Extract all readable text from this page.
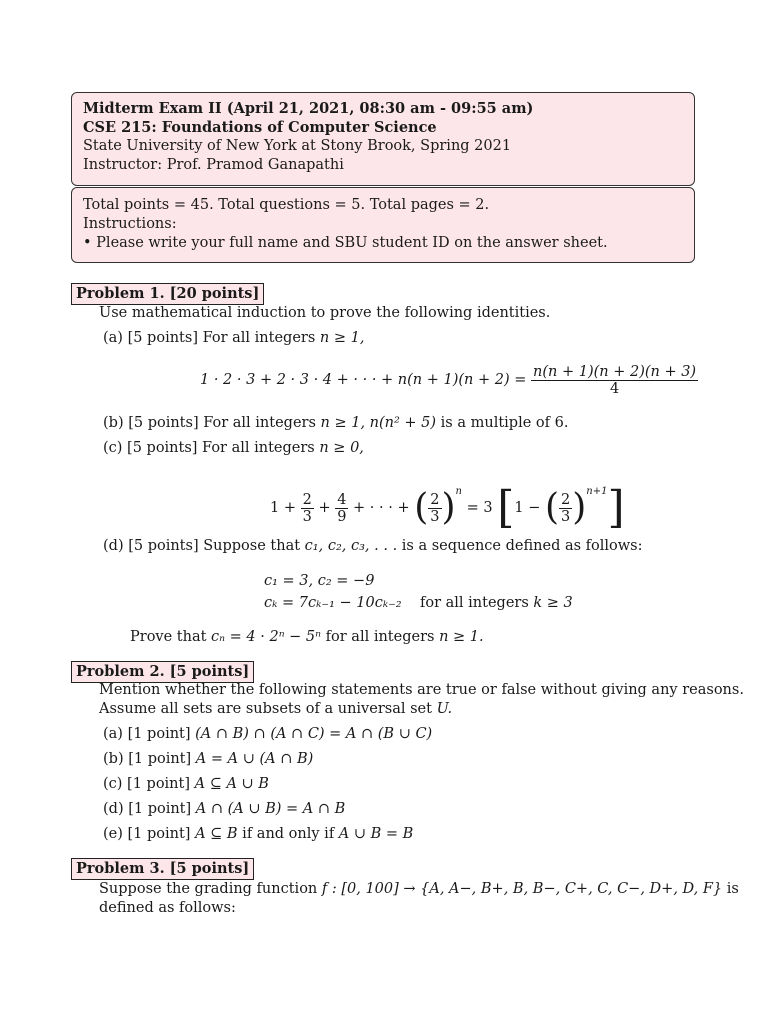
Midterm Exam II (April 21, 2021, 08:30 am - 09:55 am)
CSE 215: Foundations of Computer Science
State University of New York at Stony Brook, Spring 2021
Instructor: Prof. Pramod Ganapathi
Total points = 45. Total questions = 5. Total pages = 2.
Instructions:
• Please write your full name and SBU student ID on the answer sheet.
Problem 1. [20 points]
Use mathematical induction to prove the following identities.
(a) [5 points] For all integers n ≥ 1,
1 · 2 · 3 + 2 · 3 · 4 + · · · + $n(n + 1)(n + 2) = \frac{n(n + 1)(n + 2)(n + 3)}{4}$
(b) [5 points] For all integers n ≥ 1, n(n² + 5) is a multiple of 6.
(c) [5 points] For all integers n ≥ 0,
$1 + \frac{2}{3} + \frac{4}{9}$ + · · · + ( $\frac{2}{3} )^n = 3$ [1 − ( $\frac{2}{3} )^{n+1}$]
(d) [5 points] Suppose that c₁, c₂, c₃, . . . is a sequence defined as follows:
c₁ = 3, c₂ = −9
cₖ = 7cₖ₋₁ − 10cₖ₋₂ for all integers k ≥ 3
Prove that cₙ = 4 · 2ⁿ − 5ⁿ for all integers n ≥ 1.
Problem 2. [5 points]
Mention whether the following statements are true or false without giving any reasons.
Assume all sets are subsets of a universal set U.
(a) [1 point] (A ∩ B) ∩ (A ∩ C) = A ∩ (B ∪ C)
(b) [1 point] A = A ∪ (A ∩ B)
(c) [1 point] A ⊆ A ∪ B
(d) [1 point] A ∩ (A ∪ B) = A ∩ B
(e) [1 point] A ⊆ B if and only if A ∪ B = B
Problem 3. [5 points]
Suppose the grading function f : [0, 100] → {A, A−, B+, B, B−, C+, C, C−, D+, D, F} is
defined as follows:
